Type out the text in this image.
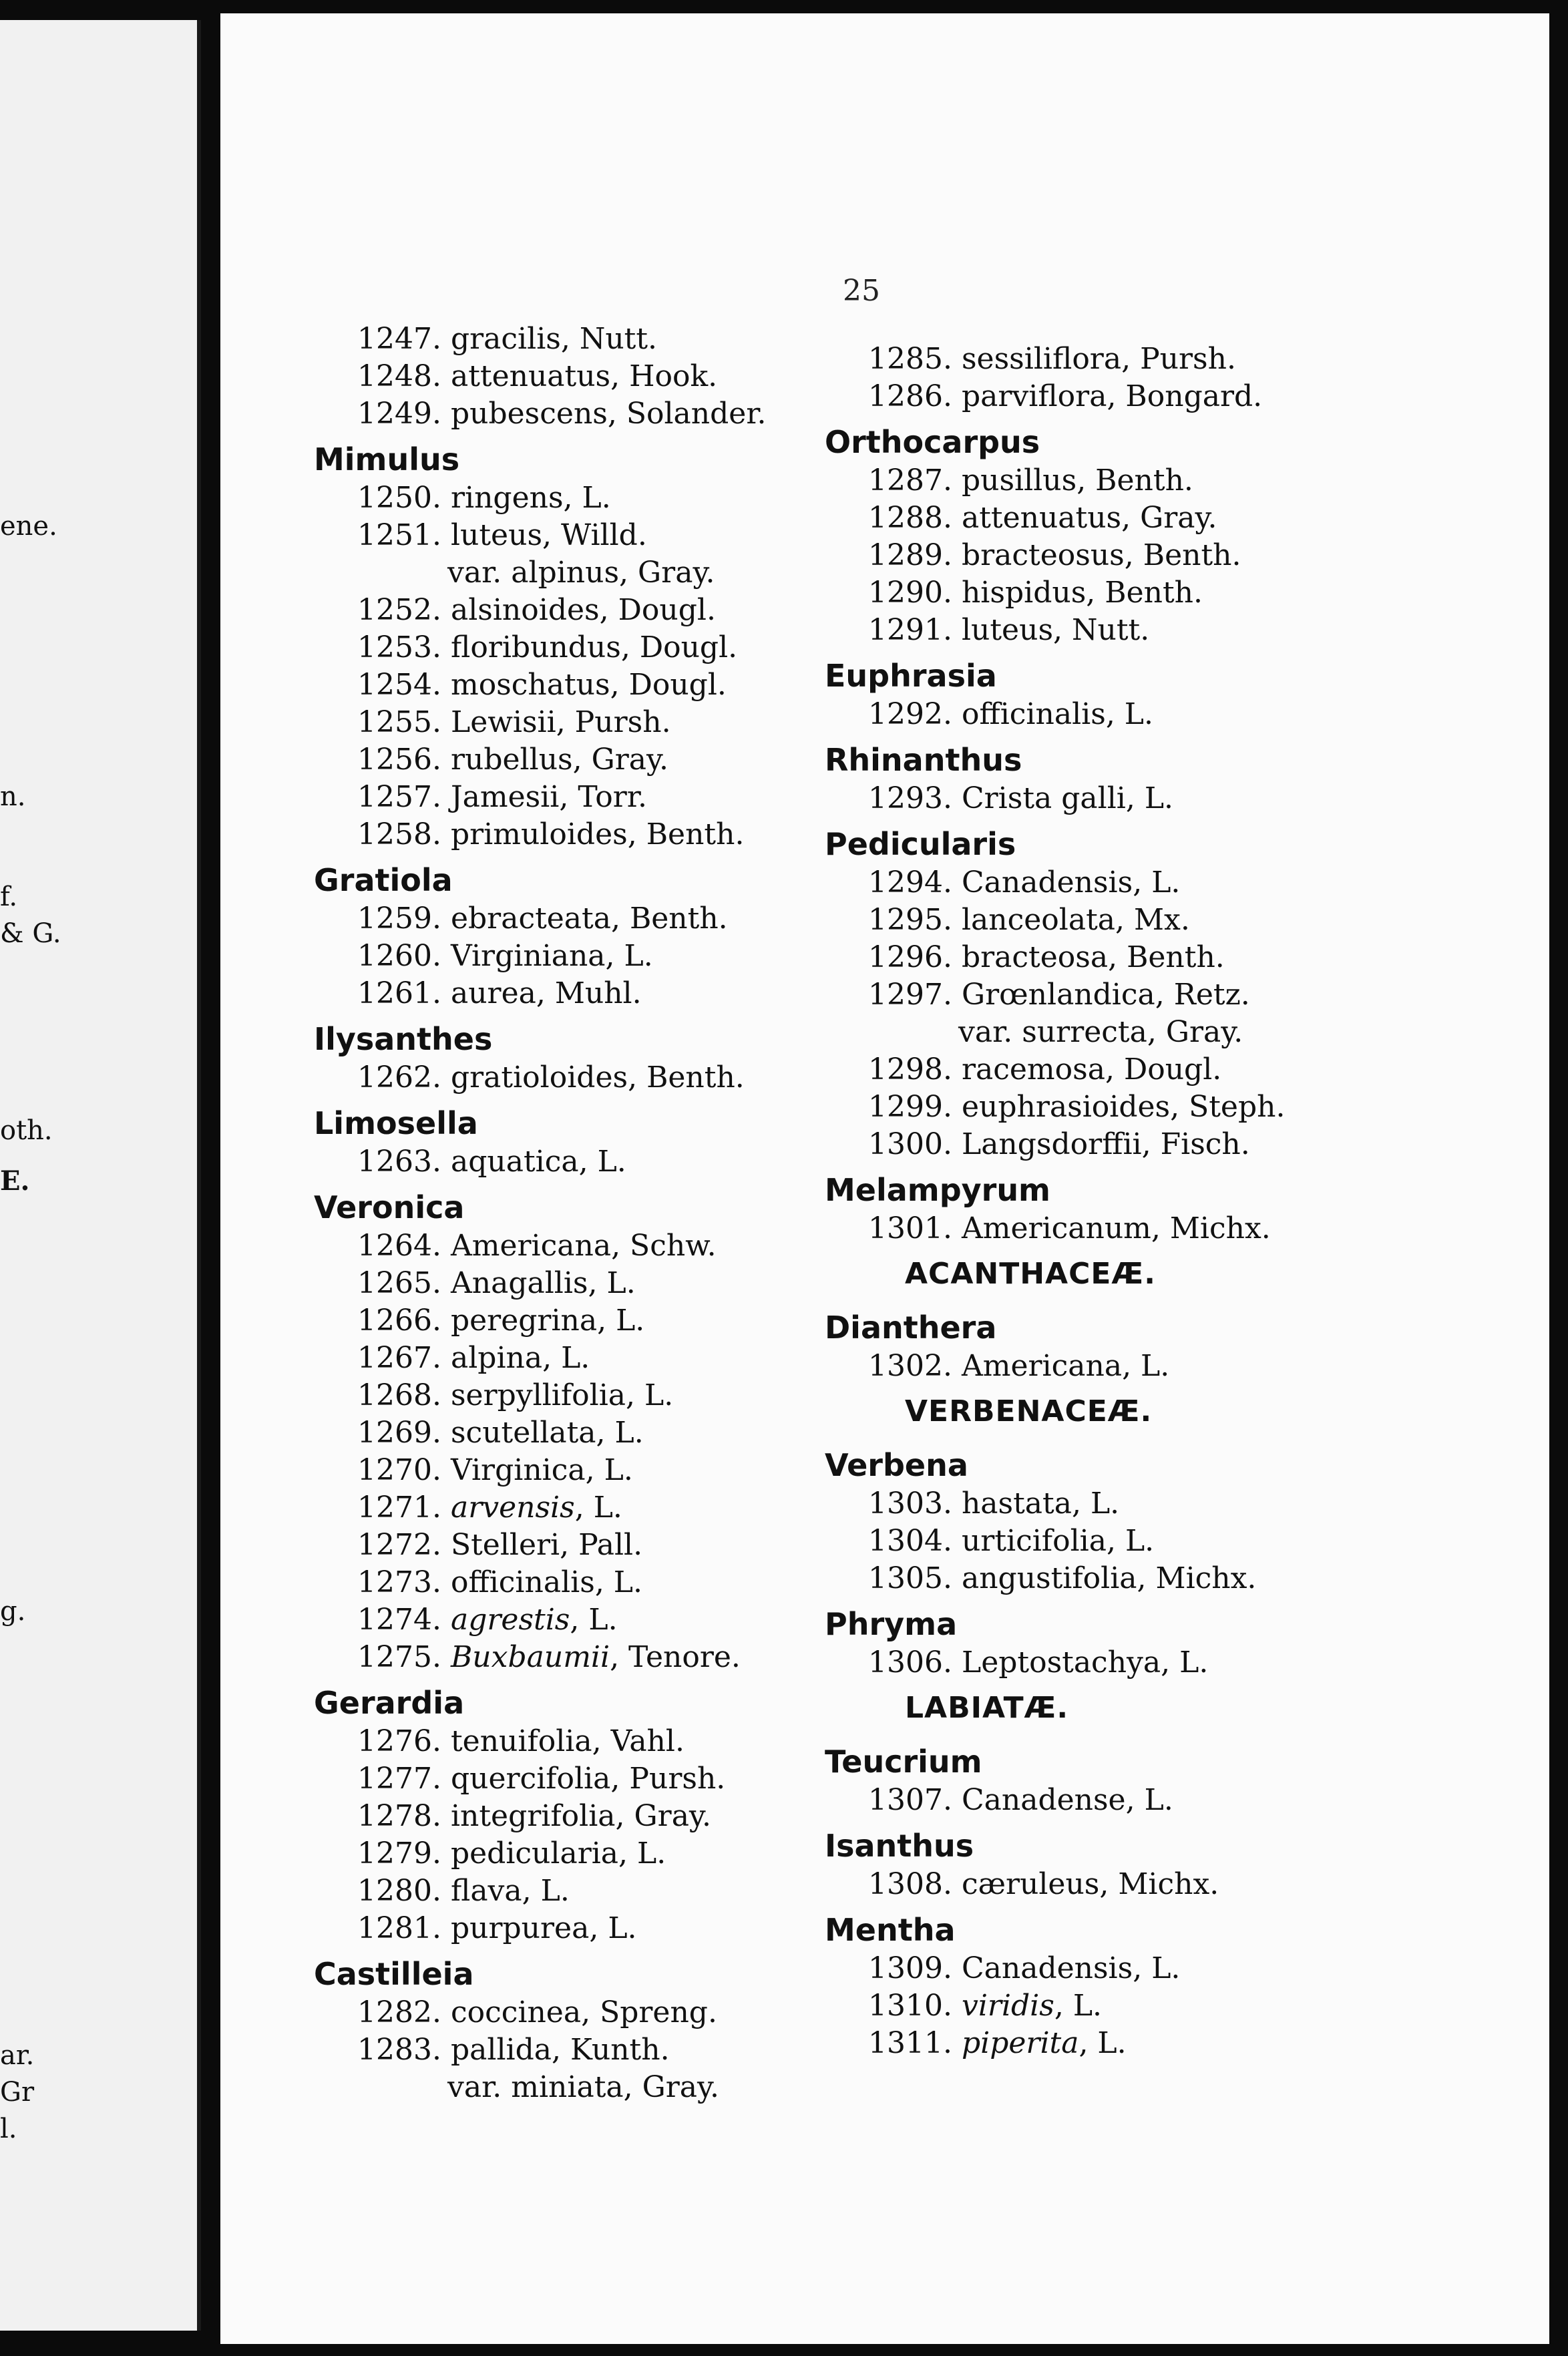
ene.
n.
f.
& G.
oth.
E.
g.
ar.
Gr
l.
25
1247. gracilis, Nutt.
1248. attenuatus, Hook.
1249. pubescens, Solander.
Mimulus
1250. ringens, L.
1251. luteus, Willd.
var. alpinus, Gray.
1252. alsinoides, Dougl.
1253. floribundus, Dougl.
1254. moschatus, Dougl.
1255. Lewisii, Pursh.
1256. rubellus, Gray.
1257. Jamesii, Torr.
1258. primuloides, Benth.
Gratiola
1259. ebracteata, Benth.
1260. Virginiana, L.
1261. aurea, Muhl.
Ilysanthes
1262. gratioloides, Benth.
Limosella
1263. aquatica, L.
Veronica
1264. Americana, Schw.
1265. Anagallis, L.
1266. peregrina, L.
1267. alpina, L.
1268. serpyllifolia, L.
1269. scutellata, L.
1270. Virginica, L.
1271. arvensis, L.
1272. Stelleri, Pall.
1273. officinalis, L.
1274. agrestis, L.
1275. Buxbaumii, Tenore.
Gerardia
1276. tenuifolia, Vahl.
1277. quercifolia, Pursh.
1278. integrifolia, Gray.
1279. pedicularia, L.
1280. flava, L.
1281. purpurea, L.
Castilleia
1282. coccinea, Spreng.
1283. pallida, Kunth.
var. miniata, Gray.
1285. sessiliflora, Pursh.
1286. parviflora, Bongard.
Orthocarpus
1287. pusillus, Benth.
1288. attenuatus, Gray.
1289. bracteosus, Benth.
1290. hispidus, Benth.
1291. luteus, Nutt.
Euphrasia
1292. officinalis, L.
Rhinanthus
1293. Crista galli, L.
Pedicularis
1294. Canadensis, L.
1295. lanceolata, Mx.
1296. bracteosa, Benth.
1297. Grœnlandica, Retz.
var. surrecta, Gray.
1298. racemosa, Dougl.
1299. euphrasioides, Steph.
1300. Langsdorffii, Fisch.
Melampyrum
1301. Americanum, Michx.
ACANTHACEÆ.
Dianthera
1302. Americana, L.
VERBENACEÆ.
Verbena
1303. hastata, L.
1304. urticifolia, L.
1305. angustifolia, Michx.
Phryma
1306. Leptostachya, L.
LABIATÆ.
Teucrium
1307. Canadense, L.
Isanthus
1308. cæruleus, Michx.
Mentha
1309. Canadensis, L.
1310. viridis, L.
1311. piperita, L.
